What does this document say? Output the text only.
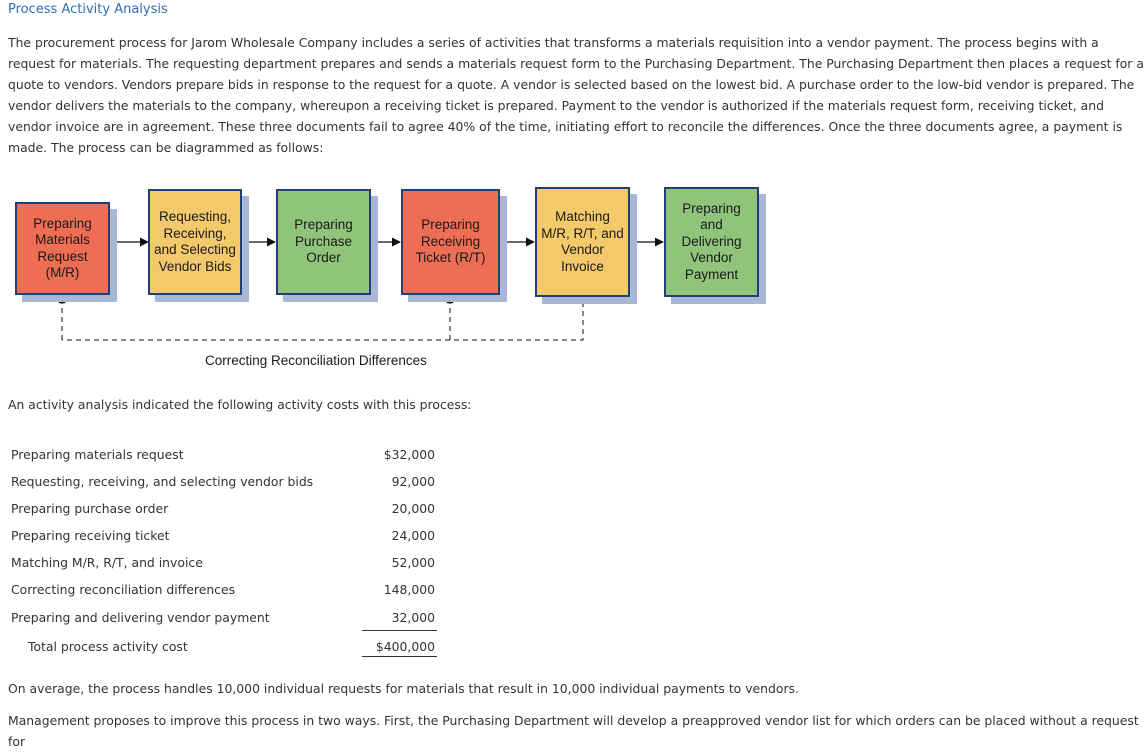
Process Activity Analysis

The procurement process for Jarom Wholesale Company includes a series of activities that transforms a materials requisition into a vendor payment. The process begins with a request for materials. The requesting department prepares and sends a materials request form to the Purchasing Department. The Purchasing Department then places a request for a quote to vendors. Vendors prepare bids in response to the request for a quote. A vendor is selected based on the lowest bid. A purchase order to the low-bid vendor is prepared. The vendor delivers the materials to the company, whereupon a receiving ticket is prepared. Payment to the vendor is authorized if the materials request form, receiving ticket, and vendor invoice are in agreement. These three documents fail to agree 40% of the time, initiating effort to reconcile the differences. Once the three documents agree, a payment is made. The process can be diagrammed as follows:

Preparing Materials Request (M/R)
Requesting, Receiving, and Selecting Vendor Bids
Preparing Purchase Order
Preparing Receiving Ticket (R/T)
Matching M/R, R/T, and Vendor Invoice
Preparing and Delivering Vendor Payment
Correcting Reconciliation Differences

An activity analysis indicated the following activity costs with this process:

Preparing materials request	$32,000
Requesting, receiving, and selecting vendor bids	92,000
Preparing purchase order	20,000
Preparing receiving ticket	24,000
Matching M/R, R/T, and invoice	52,000
Correcting reconciliation differences	148,000
Preparing and delivering vendor payment	32,000
Total process activity cost	$400,000

On average, the process handles 10,000 individual requests for materials that result in 10,000 individual payments to vendors.

Management proposes to improve this process in two ways. First, the Purchasing Department will develop a preapproved vendor list for which orders can be placed without a request for
